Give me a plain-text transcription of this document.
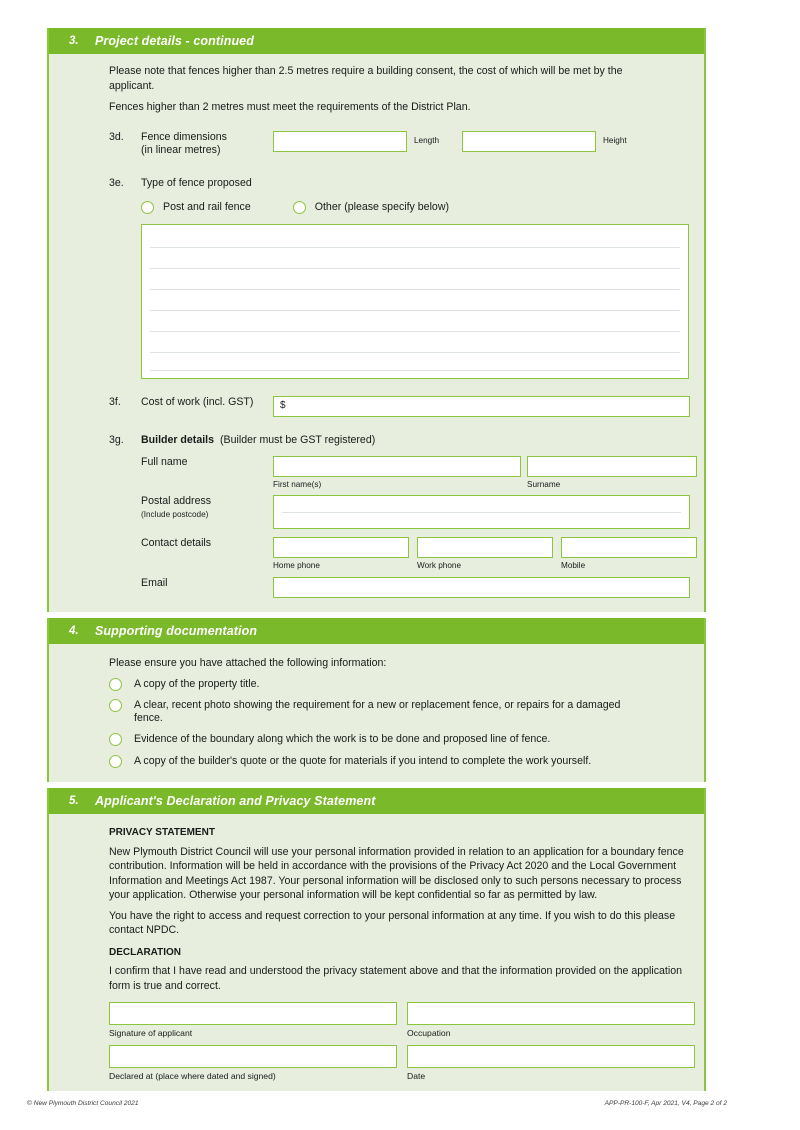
3.	Project details - continued

Please note that fences higher than 2.5 metres require a building consent, the cost of which will be met by the applicant.

Fences higher than 2 metres must meet the requirements of the District Plan.

3d.	Fence dimensions
(in linear metres)
Length	Height
3e.	Type of fence proposed
Post and rail fence	Other (please specify below)
3f.	Cost of work (incl. GST)	$
3g.	Builder details (Builder must be GST registered)
Full name
First name(s)	Surname
Postal address
(Include postcode)
Contact details
Home phone	Work phone	Mobile
Email
4.	Supporting documentation

Please ensure you have attached the following information:

A copy of the property title.
A clear, recent photo showing the requirement for a new or replacement fence, or repairs for a damaged fence.
Evidence of the boundary along which the work is to be done and proposed line of fence.
A copy of the builder's quote or the quote for materials if you intend to complete the work yourself.
5.	Applicant's Declaration and Privacy Statement
PRIVACY STATEMENT

New Plymouth District Council will use your personal information provided in relation to an application for a boundary fence contribution. Information will be held in accordance with the provisions of the Privacy Act 2020 and the Local Government Information and Meetings Act 1987. Your personal information will be disclosed only to such persons necessary to process your application. Otherwise your personal information will be kept confidential so far as permitted by law.

You have the right to access and request correction to your personal information at any time. If you wish to do this please contact NPDC.

DECLARATION

I confirm that I have read and understood the privacy statement above and that the information provided on the application form is true and correct.

Signature of applicant	Occupation
Declared at (place where dated and signed)	Date
© New Plymouth District Council 2021	APP-PR-100-F, Apr 2021, V4, Page 2 of 2
